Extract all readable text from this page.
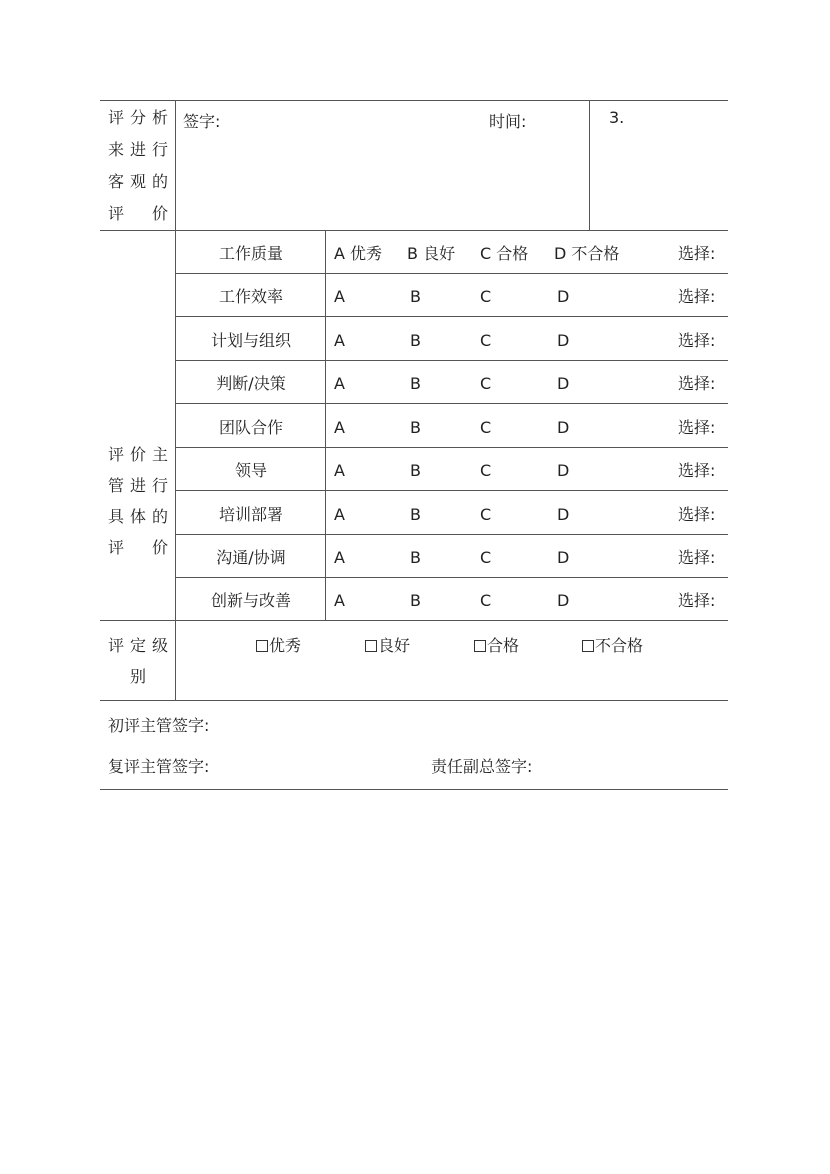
评 分 析
来 进 行
客 观 的
评 价
签字:	时间:	3.
评 价 主
管 进 行
具 体 的
评 价
工作质量	A 优秀 B 良好 C 合格 D 不合格	选择:
工作效率	A	B	C	D	选择:
计划与组织	A	B	C	D	选择:
判断/决策	A	B	C	D	选择:
团队合作	A	B	C	D	选择:
领导	A	B	C	D	选择:
培训部署	A	B	C	D	选择:
沟通/协调	A	B	C	D	选择:
创新与改善	A	B	C	D	选择:
评 定 级
别
优秀	良好	合格	不合格
初评主管签字:
复评主管签字:	责任副总签字:
